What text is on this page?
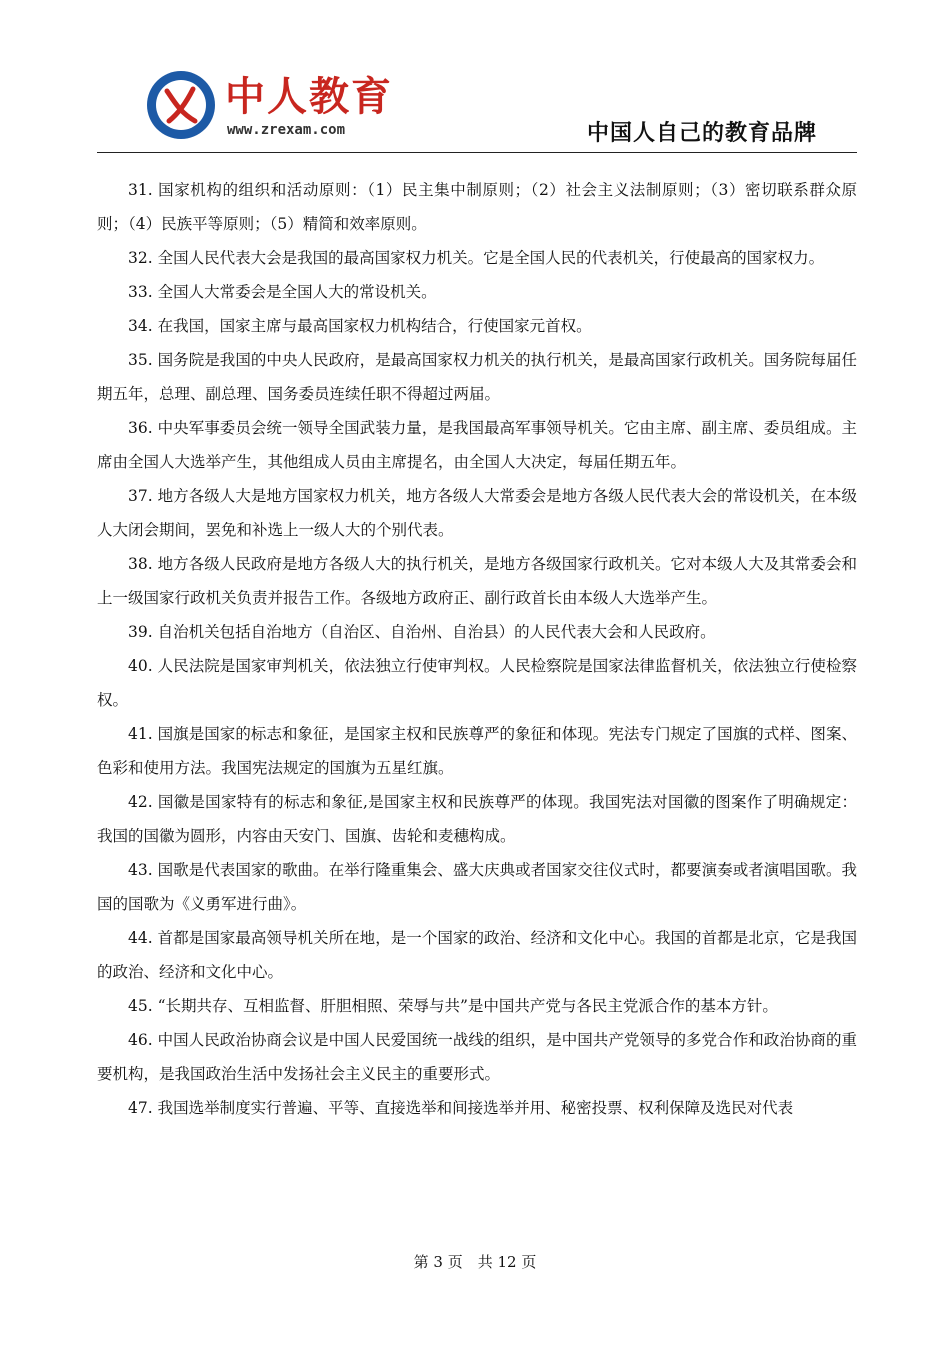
中人教育
www.zrexam.com	中国人自己的教育品牌

31. 国家机构的组织和活动原则：（1）民主集中制原则；（2）社会主义法制原则；（3）密切联系群众原则；（4）民族平等原则；（5）精简和效率原则。

32. 全国人民代表大会是我国的最高国家权力机关。它是全国人民的代表机关，行使最高的国家权力。

33. 全国人大常委会是全国人大的常设机关。

34. 在我国，国家主席与最高国家权力机构结合，行使国家元首权。

35. 国务院是我国的中央人民政府，是最高国家权力机关的执行机关，是最高国家行政机关。国务院每届任期五年，总理、副总理、国务委员连续任职不得超过两届。

36. 中央军事委员会统一领导全国武装力量，是我国最高军事领导机关。它由主席、副主席、委员组成。主席由全国人大选举产生，其他组成人员由主席提名，由全国人大决定，每届任期五年。

37. 地方各级人大是地方国家权力机关，地方各级人大常委会是地方各级人民代表大会的常设机关，在本级人大闭会期间，罢免和补选上一级人大的个别代表。

38. 地方各级人民政府是地方各级人大的执行机关，是地方各级国家行政机关。它对本级人大及其常委会和上一级国家行政机关负责并报告工作。各级地方政府正、副行政首长由本级人大选举产生。

39. 自治机关包括自治地方（自治区、自治州、自治县）的人民代表大会和人民政府。

40. 人民法院是国家审判机关，依法独立行使审判权。人民检察院是国家法律监督机关，依法独立行使检察权。

41. 国旗是国家的标志和象征，是国家主权和民族尊严的象征和体现。宪法专门规定了国旗的式样、图案、色彩和使用方法。我国宪法规定的国旗为五星红旗。

42. 国徽是国家特有的标志和象征,是国家主权和民族尊严的体现。我国宪法对国徽的图案作了明确规定：我国的国徽为圆形，内容由天安门、国旗、齿轮和麦穗构成。

43. 国歌是代表国家的歌曲。在举行隆重集会、盛大庆典或者国家交往仪式时，都要演奏或者演唱国歌。我国的国歌为《义勇军进行曲》。

44. 首都是国家最高领导机关所在地，是一个国家的政治、经济和文化中心。我国的首都是北京，它是我国的政治、经济和文化中心。

45. “长期共存、互相监督、肝胆相照、荣辱与共”是中国共产党与各民主党派合作的基本方针。

46. 中国人民政治协商会议是中国人民爱国统一战线的组织，是中国共产党领导的多党合作和政治协商的重要机构，是我国政治生活中发扬社会主义民主的重要形式。

47. 我国选举制度实行普遍、平等、直接选举和间接选举并用、秘密投票、权利保障及选民对代表

第 3 页　共 12 页
